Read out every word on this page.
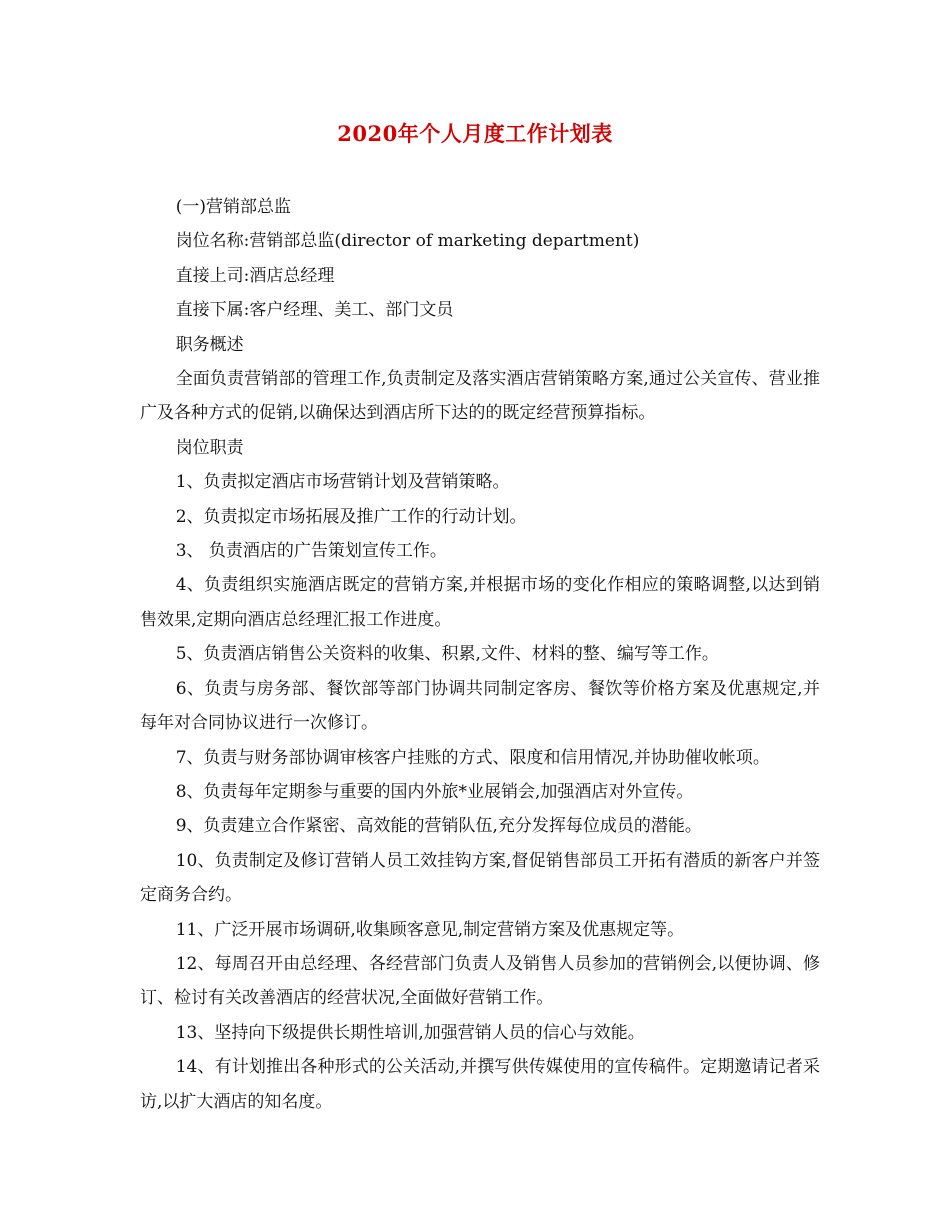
2020年个人月度工作计划表

(一)营销部总监

岗位名称:营销部总监(director of marketing department)

直接上司:酒店总经理

直接下属:客户经理、美工、部门文员

职务概述

全面负责营销部的管理工作,负责制定及落实酒店营销策略方案,通过公关宣传、营业推广及各种方式的促销,以确保达到酒店所下达的的既定经营预算指标。

岗位职责

1、负责拟定酒店市场营销计划及营销策略。

2、负责拟定市场拓展及推广工作的行动计划。

3、 负责酒店的广告策划宣传工作。

4、负责组织实施酒店既定的营销方案,并根据市场的变化作相应的策略调整,以达到销售效果,定期向酒店总经理汇报工作进度。

5、负责酒店销售公关资料的收集、积累,文件、材料的整、编写等工作。

6、负责与房务部、餐饮部等部门协调共同制定客房、餐饮等价格方案及优惠规定,并每年对合同协议进行一次修订。

7、负责与财务部协调审核客户挂账的方式、限度和信用情况,并协助催收帐项。

8、负责每年定期参与重要的国内外旅*业展销会,加强酒店对外宣传。

9、负责建立合作紧密、高效能的营销队伍,充分发挥每位成员的潜能。

10、负责制定及修订营销人员工效挂钩方案,督促销售部员工开拓有潜质的新客户并签定商务合约。

11、广泛开展市场调研,收集顾客意见,制定营销方案及优惠规定等。

12、每周召开由总经理、各经营部门负责人及销售人员参加的营销例会,以便协调、修订、检讨有关改善酒店的经营状况,全面做好营销工作。

13、坚持向下级提供长期性培训,加强营销人员的信心与效能。

14、有计划推出各种形式的公关活动,并撰写供传媒使用的宣传稿件。定期邀请记者采访,以扩大酒店的知名度。
